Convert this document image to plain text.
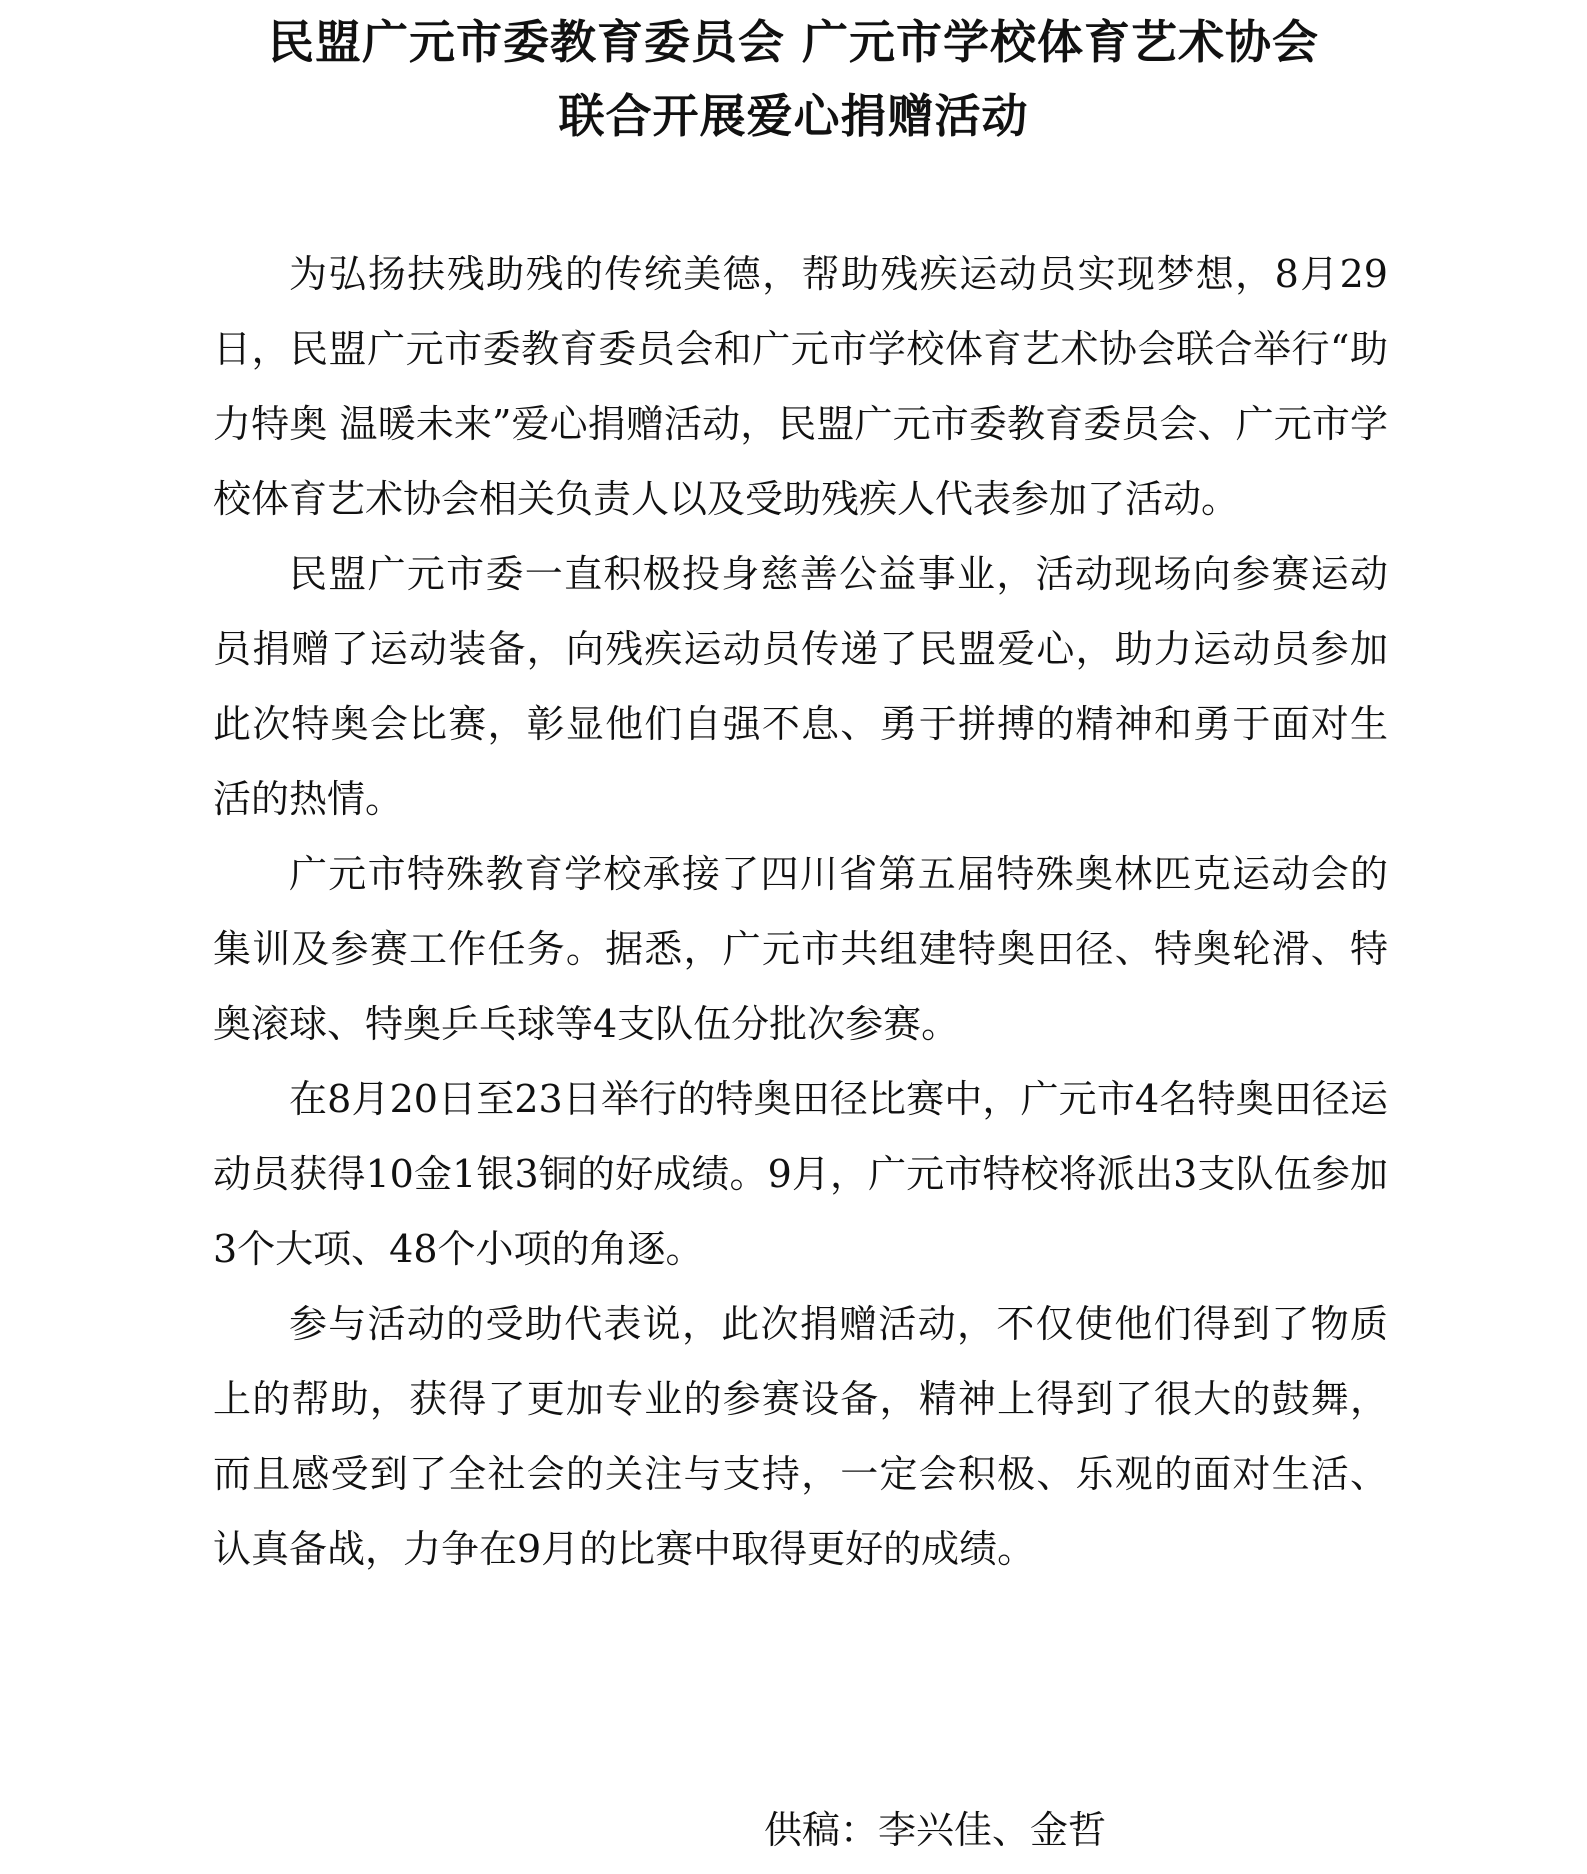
民盟广元市委教育委员会 广元市学校体育艺术协会
联合开展爱心捐赠活动

为弘扬扶残助残的传统美德，帮助残疾运动员实现梦想，8月29日，民盟广元市委教育委员会和广元市学校体育艺术协会联合举行“助力特奥 温暖未来”爱心捐赠活动，民盟广元市委教育委员会、广元市学校体育艺术协会相关负责人以及受助残疾人代表参加了活动。

民盟广元市委一直积极投身慈善公益事业，活动现场向参赛运动员捐赠了运动装备，向残疾运动员传递了民盟爱心，助力运动员参加此次特奥会比赛，彰显他们自强不息、勇于拼搏的精神和勇于面对生活的热情。

广元市特殊教育学校承接了四川省第五届特殊奥林匹克运动会的集训及参赛工作任务。据悉，广元市共组建特奥田径、特奥轮滑、特奥滚球、特奥乒乓球等4支队伍分批次参赛。

在8月20日至23日举行的特奥田径比赛中，广元市4名特奥田径运动员获得10金1银3铜的好成绩。9月，广元市特校将派出3支队伍参加3个大项、48个小项的角逐。

参与活动的受助代表说，此次捐赠活动，不仅使他们得到了物质上的帮助，获得了更加专业的参赛设备，精神上得到了很大的鼓舞，而且感受到了全社会的关注与支持，一定会积极、乐观的面对生活、认真备战，力争在9月的比赛中取得更好的成绩。

供稿：李兴佳、金哲
